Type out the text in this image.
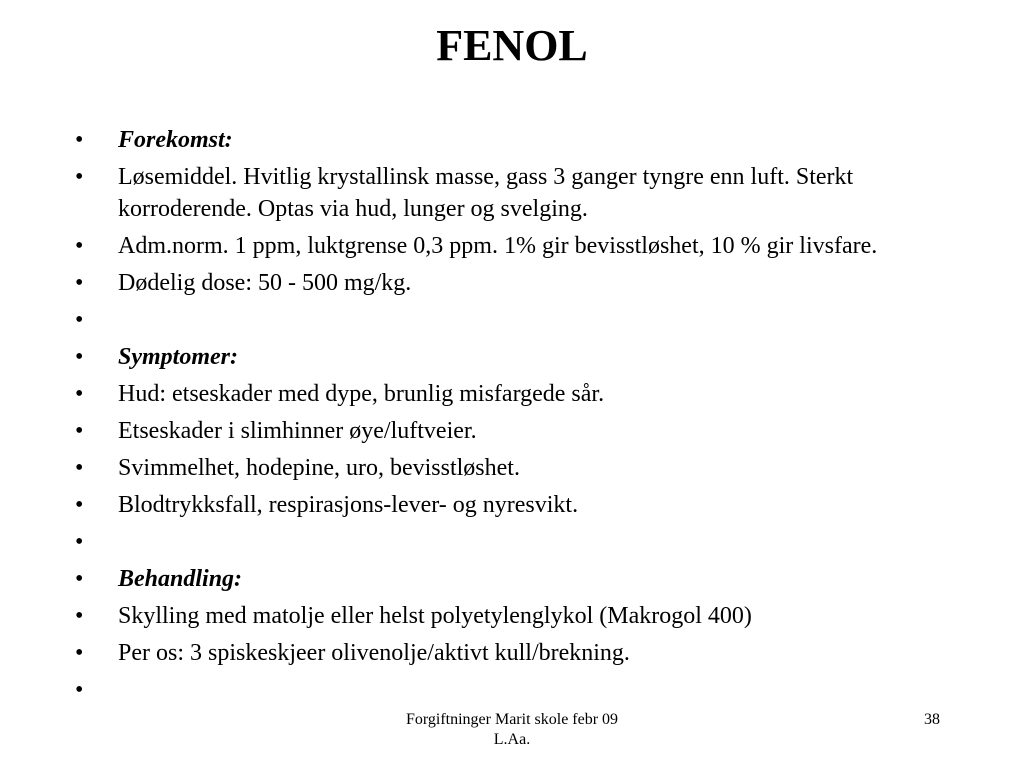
FENOL
•	Forekomst:
•	Løsemiddel. Hvitlig krystallinsk masse, gass 3 ganger tyngre enn luft. Sterkt korroderende. Optas via hud, lunger og svelging.
•	Adm.norm. 1 ppm, luktgrense 0,3 ppm. 1% gir bevisstløshet, 10 % gir livsfare.
•	Dødelig dose: 50 - 500 mg/kg.
•
•	Symptomer:
•	Hud: etseskader med dype, brunlig misfargede sår.
•	Etseskader i slimhinner øye/luftveier.
•	Svimmelhet, hodepine, uro, bevisstløshet.
•	Blodtrykksfall, respirasjons-lever- og nyresvikt.
•
•	Behandling:
•	Skylling med matolje eller helst polyetylenglykol (Makrogol 400)
•	Per os: 3 spiskeskjeer olivenolje/aktivt kull/brekning.
•
Forgiftninger Marit skole febr 09
L.Aa.
38
